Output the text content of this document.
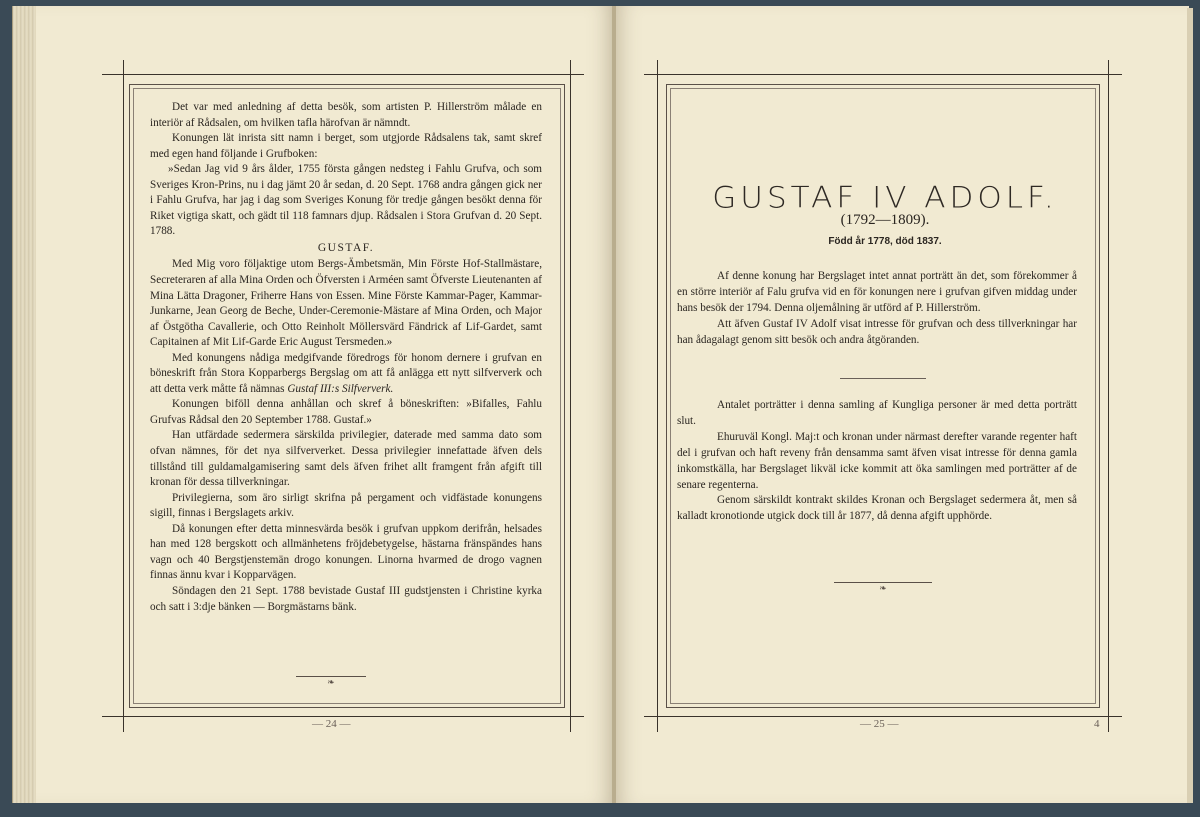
Det var med anledning af detta besök, som artisten P. Hillerström målade en interiör af Rådsalen, om hvilken tafla härofvan är nämndt.

Konungen lät inrista sitt namn i berget, som utgjorde Rådsalens tak, samt skref med egen hand följande i Grufboken:

»Sedan Jag vid 9 års ålder, 1755 första gången nedsteg i Fahlu Grufva, och som Sveriges Kron-Prins, nu i dag jämt 20 år sedan, d. 20 Sept. 1768 andra gången gick ner i Fahlu Grufva, har jag i dag som Sveriges Konung för tredje gången besökt denna för Riket vigtiga skatt, och gädt til 118 famnars djup. Rådsalen i Stora Grufvan d. 20 Sept. 1788.

GUSTAF.

Med Mig voro följaktige utom Bergs-Ämbetsmän, Min Förste Hof-Stallmästare, Secreteraren af alla Mina Orden och Öfversten i Arméen samt Öfverste Lieutenanten af Mina Lätta Dragoner, Friherre Hans von Essen. Mine Förste Kammar-Pager, Kammar-Junkarne, Jean Georg de Beche, Under-Ceremonie-Mästare af Mina Orden, och Major af Östgötha Cavallerie, och Otto Reinholt Möllersvärd Fändrick af Lif-Gardet, samt Capitainen af Mit Lif-Garde Eric August Tersmeden.»

Med konungens nådiga medgifvande föredrogs för honom dernere i grufvan en böneskrift från Stora Kopparbergs Bergslag om att få anlägga ett nytt silfververk och att detta verk måtte få nämnas Gustaf III:s Silfververk.

Konungen biföll denna anhållan och skref å böneskriften: »Bifalles, Fahlu Grufvas Rådsal den 20 September 1788. Gustaf.»

Han utfärdade sedermera särskilda privilegier, daterade med samma dato som ofvan nämnes, för det nya silfververket. Dessa privilegier innefattade äfven dels tillstånd till guldamalgamisering samt dels äfven frihet allt framgent från afgift till kronan för dessa tillverkningar.

Privilegierna, som äro sirligt skrifna på pergament och vidfästade konungens sigill, finnas i Bergslagets arkiv.

Då konungen efter detta minnesvärda besök i grufvan uppkom derifrån, helsades han med 128 bergskott och allmänhetens fröjdebetygelse, hästarna fränspändes hans vagn och 40 Bergstjenstemän drogo konungen. Linorna hvarmed de drogo vagnen finnas ännu kvar i Kopparvägen.

Söndagen den 21 Sept. 1788 bevistade Gustaf III gudstjensten i Christine kyrka och satt i 3:dje bänken — Borgmästarns bänk.

❧
— 24 —
GUSTAF IV ADOLF.
(1792—1809).
Född år 1778, död 1837.

Af denne konung har Bergslaget intet annat porträtt än det, som förekommer å en större interiör af Falu grufva vid en för konungen nere i grufvan gifven middag under hans besök der 1794. Denna oljemålning är utförd af P. Hillerström.

Att äfven Gustaf IV Adolf visat intresse för grufvan och dess tillverkningar har han ådagalagt genom sitt besök och andra åtgöranden.

Antalet porträtter i denna samling af Kungliga personer är med detta porträtt slut.

Ehuruväl Kongl. Maj:t och kronan under närmast derefter varande regenter haft del i grufvan och haft reveny från densamma samt äfven visat intresse för denna gamla inkomstkälla, har Bergslaget likväl icke kommit att öka samlingen med porträtter af de senare regenterna.

Genom särskildt kontrakt skildes Kronan och Bergslaget sedermera åt, men så kalladt kronotionde utgick dock till år 1877, då denna afgift upphörde.

❧
— 25 —	4
